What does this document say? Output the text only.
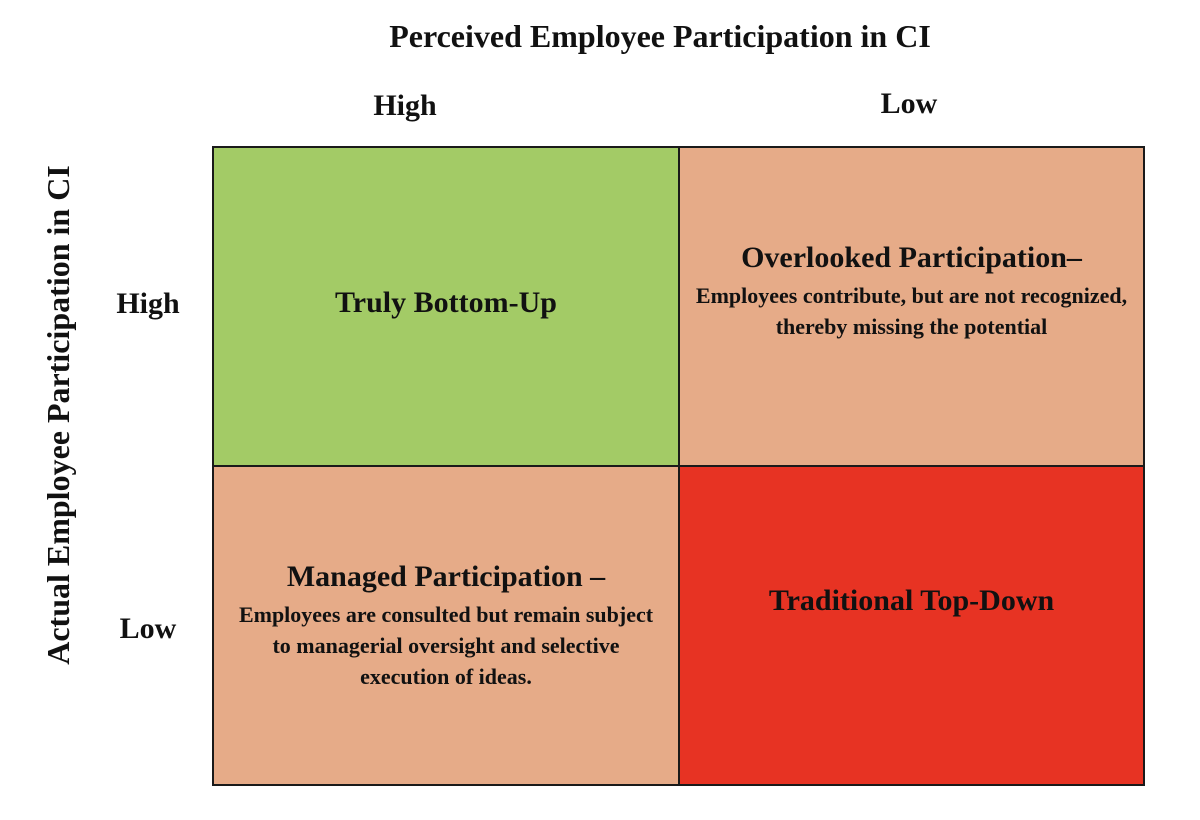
Perceived Employee Participation in CI
High	Low
Actual Employee Participation in CI	High
Low
Truly Bottom-Up
Overlooked Participation–
Employees contribute, but are not recognized, thereby missing the potential
Managed Participation –
Employees are consulted but remain subject to managerial oversight and selective execution of ideas.
Traditional Top-Down
